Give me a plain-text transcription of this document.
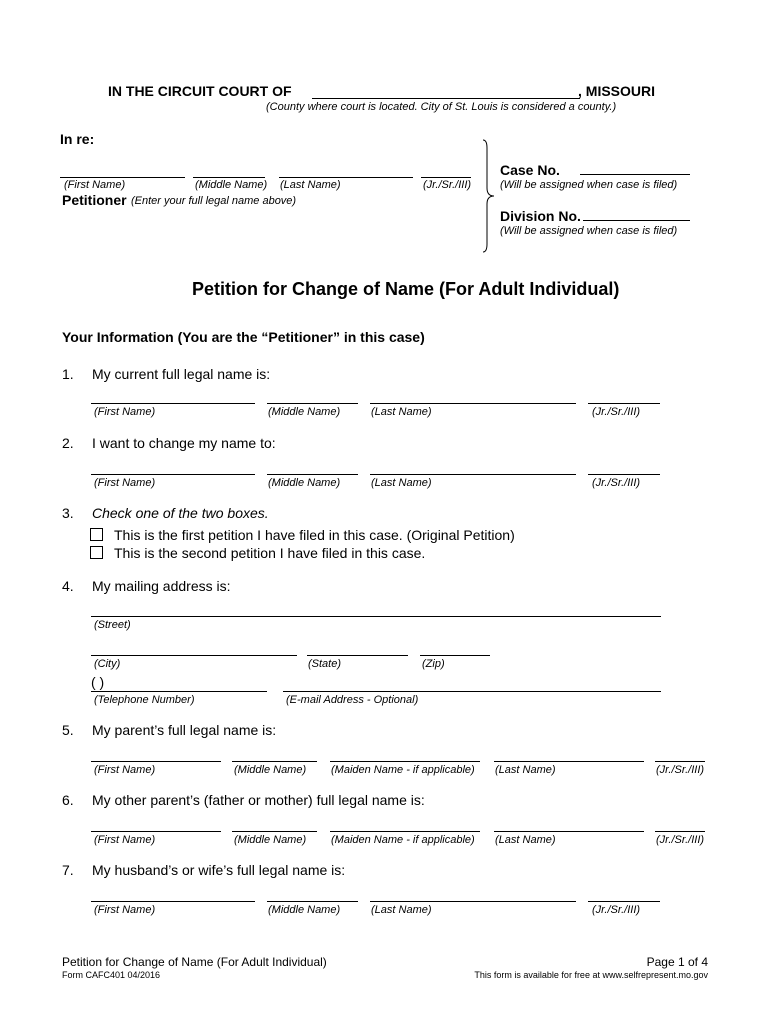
IN THE CIRCUIT COURT OF	, MISSOURI
(County where court is located. City of St. Louis is considered a county.)
In re:
(First Name)	(Middle Name) (Last Name)	(Jr./Sr./III)
Petitioner (Enter your full legal name above)
Case No.
(Will be assigned when case is filed)
Division No.
(Will be assigned when case is filed)
Petition for Change of Name (For Adult Individual)
Your Information (You are the “Petitioner” in this case)
1. My current full legal name is:
(First Name)	(Middle Name)	(Last Name)	(Jr./Sr./III)
2. I want to change my name to:
(First Name)	(Middle Name)	(Last Name)	(Jr./Sr./III)
3. Check one of the two boxes.
This is the first petition I have filed in this case. (Original Petition)
This is the second petition I have filed in this case.
4. My mailing address is:
(Street)
(City)	(State)	(Zip)
( )
(Telephone Number)	(E-mail Address - Optional)
5. My parent’s full legal name is:
(First Name)	(Middle Name) (Maiden Name - if applicable) (Last Name)	(Jr./Sr./III)
6. My other parent’s (father or mother) full legal name is:
(First Name)	(Middle Name) (Maiden Name - if applicable) (Last Name)	(Jr./Sr./III)
7. My husband’s or wife’s full legal name is:
(First Name)	(Middle Name)	(Last Name)	(Jr./Sr./III)
Petition for Change of Name (For Adult Individual)
Form CAFC401 04/2016
Page 1 of 4
This form is available for free at www.selfrepresent.mo.gov
